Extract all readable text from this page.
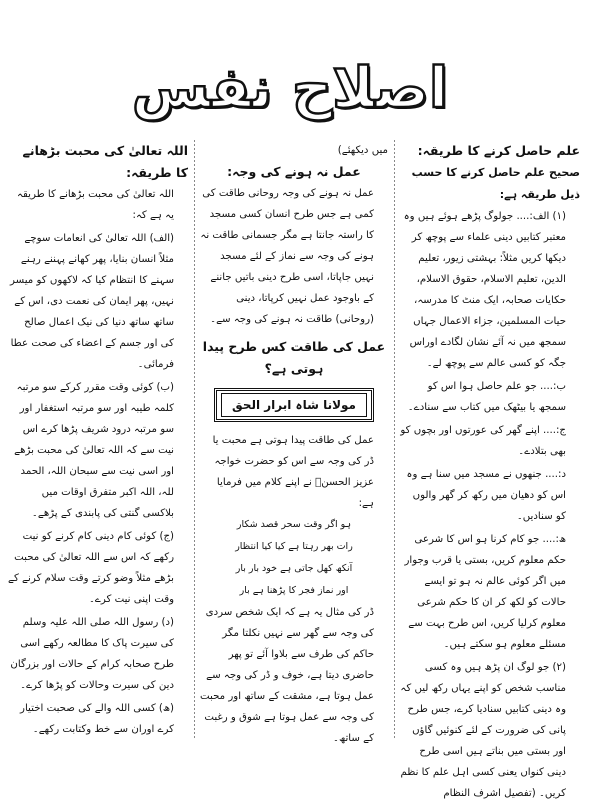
اصلاح نفس
علم حاصل کرنے کا طریقہ:
صحیح علم حاصل کرنے کا حسب ذیل طریقہ ہے:
(۱) الف:.... جولوگ پڑھے ہوئے ہیں وہ معتبر کتابیں دینی علماء سے پوچھ کر دیکھا کریں مثلاً: بہشتی زیور، تعلیم الدین، تعلیم الاسلام، حقوق الاسلام، حکایات صحابہ، ایک منٹ کا مدرسہ، حیات المسلمین، جزاء الاعمال جہاں سمجھ میں نہ آئے نشان لگادے اوراس جگہ کو کسی عالم سے پوچھ لے۔
ب:.... جو علم حاصل ہوا اس کو سمجھ یا بیٹھک میں کتاب سے سنادے۔
ج:.... اپنے گھر کی عورتوں اور بچوں کو بھی بتلادے۔
د:.... جنھوں نے مسجد میں سنا ہے وہ اس کو دھیان میں رکھ کر گھر والوں کو سنادیں۔
ھ:.... جو کام کرنا ہو اس کا شرعی حکم معلوم کریں، بستی یا قرب وجوار میں اگر کوئی عالم نہ ہو تو ایسے حالات کو لکھ کر ان کا حکم شرعی معلوم کرلیا کریں، اس طرح بہت سے مسئلے معلوم ہو سکتے ہیں۔
(۲) جو لوگ ان پڑھ ہیں وہ کسی مناسب شخص کو اپنے یہاں رکھ لیں کہ وہ دینی کتابیں سنادیا کرے، جس طرح پانی کی ضرورت کے لئے کنوئیں گاؤں اور بستی میں بناتے ہیں اسی طرح دینی کنواں یعنی کسی اہل علم کا نظم کریں۔ (تفصیل اشرف النظام
میں دیکھئے)
عمل نہ ہونے کی وجہ:
عمل نہ ہونے کی وجہ روحانی طاقت کی کمی ہے جس طرح انسان کسی مسجد کا راستہ جانتا ہے مگر جسمانی طاقت نہ ہونے کی وجہ سے نماز کے لئے مسجد نہیں جاپاتا، اسی طرح دینی باتیں جاننے کے باوجود عمل نہیں کرپاتا، دینی (روحانی) طاقت نہ ہونے کی وجہ سے۔
عمل کی طاقت کس طرح پیدا ہوتی ہے؟
مولانا شاہ ابرار الحق
عمل کی طاقت پیدا ہوتی ہے محبت یا ڈر کی وجہ سے اس کو حضرت خواجہ عزیز الحسنؒ نے اپنے کلام میں فرمایا ہے:
ہو اگر وقت سحر قصد شکار
رات بھر رہتا ہے کیا کیا انتظار
آنکھ کھل جاتی ہے خود بار بار
اور نماز فجر کا پڑھنا ہے بار
ڈر کی مثال یہ ہے کہ ایک شخص سردی کی وجہ سے گھر سے نہیں نکلتا مگر حاکم کی طرف سے بلاوا آئے تو پھر حاضری دیتا ہے، خوف و ڈر کی وجہ سے عمل ہوتا ہے، مشقت کے ساتھ اور محبت کی وجہ سے عمل ہوتا ہے شوق و رغبت کے ساتھ۔
اللہ تعالیٰ کی محبت بڑھانے کا طریقہ:
اللہ تعالیٰ کی محبت بڑھانے کا طریقہ یہ ہے کہ:
(الف) اللہ تعالیٰ کی انعامات سوچے مثلاً انسان بنایا، پھر کھانے پہننے رہنے سہنے کا انتظام کیا کہ لاکھوں کو میسر نہیں، پھر ایمان کی نعمت دی، اس کے ساتھ ساتھ دنیا کی نیک اعمال صالح کی اور جسم کے اعضاء کی صحت عطا فرمائی۔
(ب) کوئی وقت مقرر کرکے سو مرتبہ کلمہ طیبہ اور سو مرتبہ استغفار اور سو مرتبہ درود شریف پڑھا کرے اس نیت سے کہ اللہ تعالیٰ کی محبت بڑھے اور اسی نیت سے سبحان اللہ، الحمد للہ، اللہ اکبر متفرق اوقات میں بلاکسی گنتی کی پابندی کے پڑھے۔
(ج) کوئی کام دینی کام کرنے کو نیت رکھے کہ اس سے اللہ تعالیٰ کی محبت بڑھے مثلاً وضو کرتے وقت سلام کرنے کے وقت اپنی نیت کرے۔
(د) رسول اللہ صلی اللہ علیہ وسلم کی سیرت پاک کا مطالعہ رکھے اسی طرح صحابہ کرام کے حالات اور بزرگان دین کی سیرت وحالات کو پڑھا کرے۔
(ھ) کسی اللہ والے کی صحبت اختیار کرے اوران سے خط وکتابت رکھے۔
